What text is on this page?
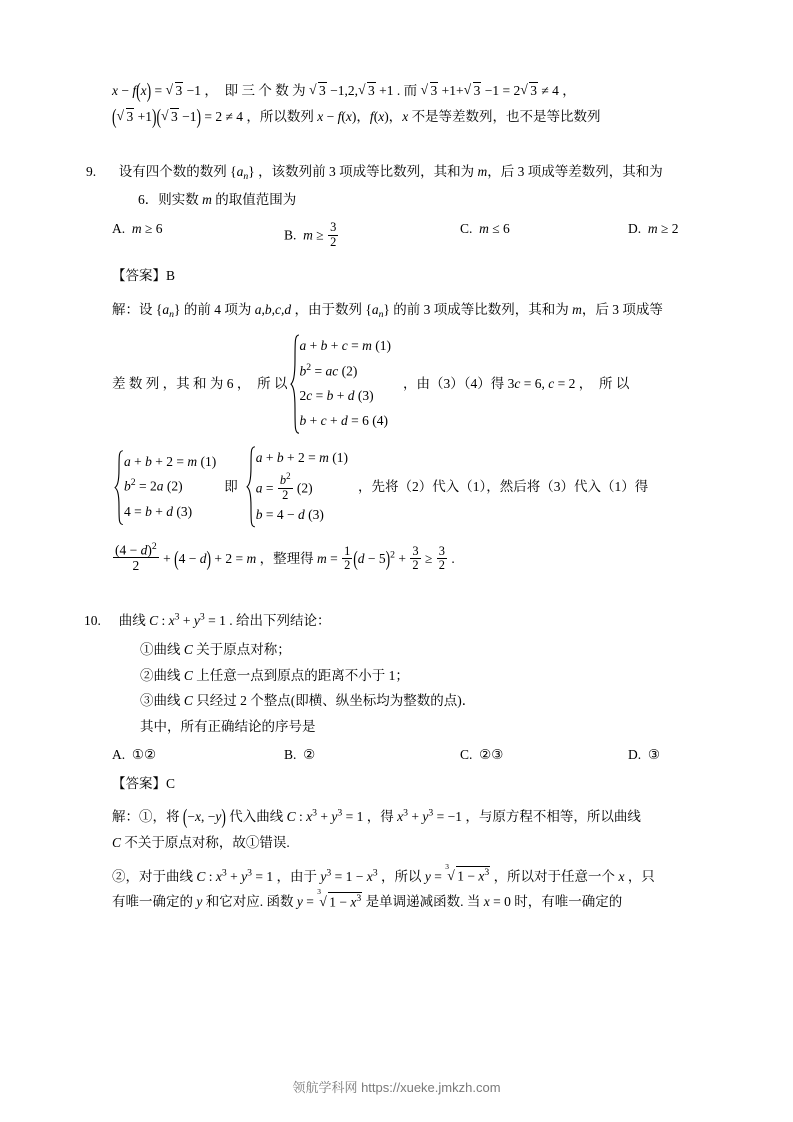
x − f(x) = √ 3 −1 ，  即 三 个 数 为 √ 3 −1,2, √ 3 +1 . 而 √ 3 +1+ √ 3 −1 = 2 √ 3 ≠ 4 ，
( √ 3 +1)( √ 3 −1) = 2 ≠ 4 ，所以数列 x − f(x)，f(x)，x 不是等差数列，也不是等比数列
9.  设有四个数的数列 $\{a_n\}$ ，该数列前 3 项成等比数列，其和为 m，后 3 项成等差数列，其和为
6．则实数 m 的取值范围为
A. m ≥ 6	B. $m \ge \frac{3}{2}$	C. m ≤ 6	D. m ≥ 2
【答案】B
解：设 $\{a_n\}$ 的前 4 项为 a,b,c,d ，由于数列 $\{a_n\}$ 的前 3 项成等比数列，其和为 m，后 3 项成等
差 数 列 ，其 和 为 6 ，  所 以
a + b + c = m (1)
$b^2$ = ac (2)
2c = b + d (3)
b + c + d = 6 (4)
，由（3）（4）得 3c = 6, c = 2 ，  所 以
a + b + 2 = m (1)
$b^2 = 2a$ (2)
4 = b + d (3)
即
a + b + 2 = m (1)
$a = \frac{b^2}{2} (2)$
b = 4 − d (3)
，先将（2）代入（1），然后将（3）代入（1）得
$\frac{(4 - d)^2}{2} + (4 - d) + 2 = m$ ，整理得 $m = \frac{1}{2} (d - 5)^2 + \frac{3}{2} \ge \frac{3}{2}$ .
10.  曲线 C : $x^3 + y^3 = 1$ . 给出下列结论：
①曲线 C 关于原点对称；
②曲线 C 上任意一点到原点的距离不小于 1；
③曲线 C 只经过 2 个整点(即横、纵坐标均为整数的点)．
其中，所有正确结论的序号是
A. ①②	B. ②	C. ②③	D. ③
【答案】C
解：①，将 (−x, −y) 代入曲线 C : $x^3 + y^3 = 1$ ，得 $x^3 + y^3 = -1$ ，与原方程不相等，所以曲线
C 不关于原点对称，故①错误.
②，对于曲线 C : $x^3 + y^3 = 1$ ，由于 $y^3 = 1 - x^3$ ，所以 y = √ $1 - x^3$ 3 ，所以对于任意一个 x ，只
有唯一确定的 y 和它对应. 函数 y = √ $1 - x^3$ 3 是单调递减函数. 当 x = 0 时，有唯一确定的
领航学科网 https://xueke.jmkzh.com
